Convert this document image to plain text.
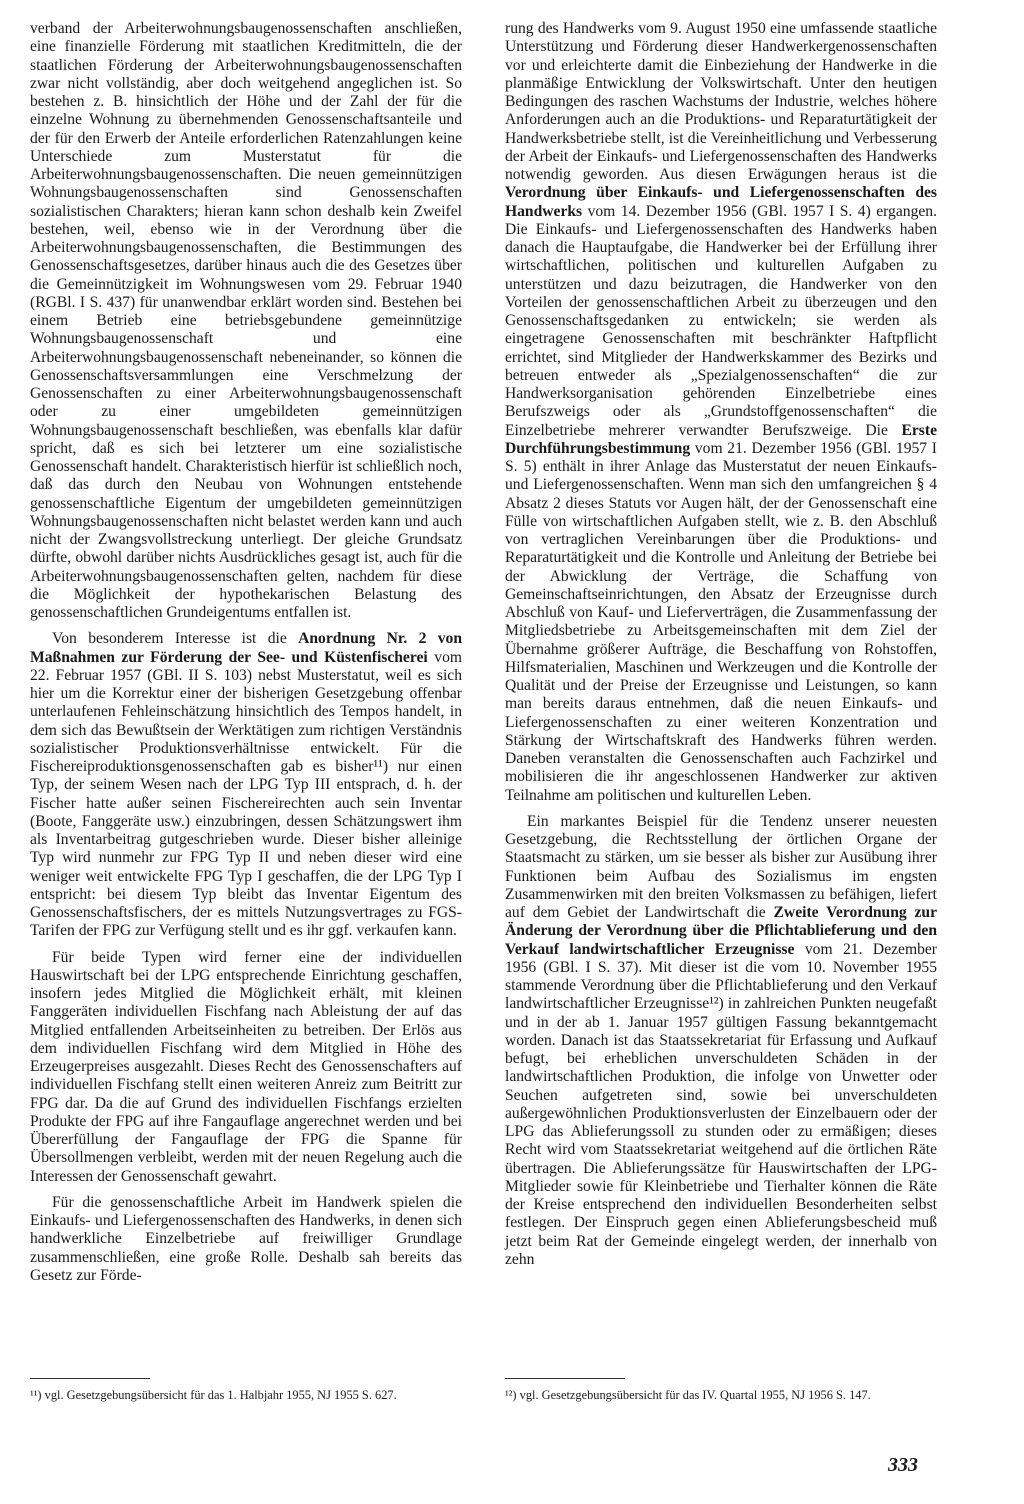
verband der Arbeiterwohnungsbaugenossenschaften anschließen, eine finanzielle Förderung mit staatlichen Kreditmitteln, die der staatlichen Förderung der Arbeiterwohnungsbaugenossenschaften zwar nicht vollständig, aber doch weitgehend angeglichen ist. So bestehen z. B. hinsichtlich der Höhe und der Zahl der für die einzelne Wohnung zu übernehmenden Genossenschaftsanteile und der für den Erwerb der Anteile erforderlichen Ratenzahlungen keine Unterschiede zum Musterstatut für die Arbeiterwohnungsbaugenossenschaften. Die neuen gemeinnützigen Wohnungsbaugenossenschaften sind Genossenschaften sozialistischen Charakters; hieran kann schon deshalb kein Zweifel bestehen, weil, ebenso wie in der Verordnung über die Arbeiterwohnungsbaugenossenschaften, die Bestimmungen des Genossenschaftsgesetzes, darüber hinaus auch die des Gesetzes über die Gemeinnützigkeit im Wohnungswesen vom 29. Februar 1940 (RGBl. I S. 437) für unanwendbar erklärt worden sind. Bestehen bei einem Betrieb eine betriebsgebundene gemeinnützige Wohnungsbaugenossenschaft und eine Arbeiterwohnungsbaugenossenschaft nebeneinander, so können die Genossenschaftsversammlungen eine Verschmelzung der Genossenschaften zu einer Arbeiterwohnungsbaugenossenschaft oder zu einer umgebildeten gemeinnützigen Wohnungsbaugenossenschaft beschließen, was ebenfalls klar dafür spricht, daß es sich bei letzterer um eine sozialistische Genossenschaft handelt. Charakteristisch hierfür ist schließlich noch, daß das durch den Neubau von Wohnungen entstehende genossenschaftliche Eigentum der umgebildeten gemeinnützigen Wohnungsbaugenossenschaften nicht belastet werden kann und auch nicht der Zwangsvollstreckung unterliegt. Der gleiche Grundsatz dürfte, obwohl darüber nichts Ausdrückliches gesagt ist, auch für die Arbeiterwohnungsbaugenossenschaften gelten, nachdem für diese die Möglichkeit der hypothekarischen Belastung des genossenschaftlichen Grundeigentums entfallen ist.

Von besonderem Interesse ist die Anordnung Nr. 2 von Maßnahmen zur Förderung der See- und Küstenfischerei vom 22. Februar 1957 (GBl. II S. 103) nebst Musterstatut, weil es sich hier um die Korrektur einer der bisherigen Gesetzgebung offenbar unterlaufenen Fehleinschätzung hinsichtlich des Tempos handelt, in dem sich das Bewußtsein der Werktätigen zum richtigen Verständnis sozialistischer Produktionsverhältnisse entwickelt. Für die Fischereiproduktionsgenossenschaften gab es bisher¹¹) nur einen Typ, der seinem Wesen nach der LPG Typ III entsprach, d. h. der Fischer hatte außer seinen Fischereirechten auch sein Inventar (Boote, Fanggeräte usw.) einzubringen, dessen Schätzungswert ihm als Inventarbeitrag gutgeschrieben wurde. Dieser bisher alleinige Typ wird nunmehr zur FPG Typ II und neben dieser wird eine weniger weit entwickelte FPG Typ I geschaffen, die der LPG Typ I entspricht: bei diesem Typ bleibt das Inventar Eigentum des Genossenschaftsfischers, der es mittels Nutzungsvertrages zu FGS-Tarifen der FPG zur Verfügung stellt und es ihr ggf. verkaufen kann.

Für beide Typen wird ferner eine der individuellen Hauswirtschaft bei der LPG entsprechende Einrichtung geschaffen, insofern jedes Mitglied die Möglichkeit erhält, mit kleinen Fanggeräten individuellen Fischfang nach Ableistung der auf das Mitglied entfallenden Arbeitseinheiten zu betreiben. Der Erlös aus dem individuellen Fischfang wird dem Mitglied in Höhe des Erzeugerpreises ausgezahlt. Dieses Recht des Genossenschafters auf individuellen Fischfang stellt einen weiteren Anreiz zum Beitritt zur FPG dar. Da die auf Grund des individuellen Fischfangs erzielten Produkte der FPG auf ihre Fangauflage angerechnet werden und bei Übererfüllung der Fangauflage der FPG die Spanne für Übersollmengen verbleibt, werden mit der neuen Regelung auch die Interessen der Genossenschaft gewahrt.

Für die genossenschaftliche Arbeit im Handwerk spielen die Einkaufs- und Liefergenossenschaften des Handwerks, in denen sich handwerkliche Einzelbetriebe auf freiwilliger Grundlage zusammenschließen, eine große Rolle. Deshalb sah bereits das Gesetz zur Förde-

rung des Handwerks vom 9. August 1950 eine umfassende staatliche Unterstützung und Förderung dieser Handwerkergenossenschaften vor und erleichterte damit die Einbeziehung der Handwerke in die planmäßige Entwicklung der Volkswirtschaft. Unter den heutigen Bedingungen des raschen Wachstums der Industrie, welches höhere Anforderungen auch an die Produktions- und Reparaturtätigkeit der Handwerksbetriebe stellt, ist die Vereinheitlichung und Verbesserung der Arbeit der Einkaufs- und Liefergenossenschaften des Handwerks notwendig geworden. Aus diesen Erwägungen heraus ist die Verordnung über Einkaufs- und Liefergenossenschaften des Handwerks vom 14. Dezember 1956 (GBl. 1957 I S. 4) ergangen. Die Einkaufs- und Liefergenossenschaften des Handwerks haben danach die Hauptaufgabe, die Handwerker bei der Erfüllung ihrer wirtschaftlichen, politischen und kulturellen Aufgaben zu unterstützen und dazu beizutragen, die Handwerker von den Vorteilen der genossenschaftlichen Arbeit zu überzeugen und den Genossenschaftsgedanken zu entwickeln; sie werden als eingetragene Genossenschaften mit beschränkter Haftpflicht errichtet, sind Mitglieder der Handwerkskammer des Bezirks und betreuen entweder als „Spezialgenossenschaften“ die zur Handwerksorganisation gehörenden Einzelbetriebe eines Berufszweigs oder als „Grundstoffgenossenschaften“ die Einzelbetriebe mehrerer verwandter Berufszweige. Die Erste Durchführungsbestimmung vom 21. Dezember 1956 (GBl. 1957 I S. 5) enthält in ihrer Anlage das Musterstatut der neuen Einkaufs- und Liefergenossenschaften. Wenn man sich den umfangreichen § 4 Absatz 2 dieses Statuts vor Augen hält, der der Genossenschaft eine Fülle von wirtschaftlichen Aufgaben stellt, wie z. B. den Abschluß von vertraglichen Vereinbarungen über die Produktions- und Reparaturtätigkeit und die Kontrolle und Anleitung der Betriebe bei der Abwicklung der Verträge, die Schaffung von Gemeinschaftseinrichtungen, den Absatz der Erzeugnisse durch Abschluß von Kauf- und Lieferverträgen, die Zusammenfassung der Mitgliedsbetriebe zu Arbeitsgemeinschaften mit dem Ziel der Übernahme größerer Aufträge, die Beschaffung von Rohstoffen, Hilfsmaterialien, Maschinen und Werkzeugen und die Kontrolle der Qualität und der Preise der Erzeugnisse und Leistungen, so kann man bereits daraus entnehmen, daß die neuen Einkaufs- und Liefergenossenschaften zu einer weiteren Konzentration und Stärkung der Wirtschaftskraft des Handwerks führen werden. Daneben veranstalten die Genossenschaften auch Fachzirkel und mobilisieren die ihr angeschlossenen Handwerker zur aktiven Teilnahme am politischen und kulturellen Leben.

Ein markantes Beispiel für die Tendenz unserer neuesten Gesetzgebung, die Rechtsstellung der örtlichen Organe der Staatsmacht zu stärken, um sie besser als bisher zur Ausübung ihrer Funktionen beim Aufbau des Sozialismus im engsten Zusammenwirken mit den breiten Volksmassen zu befähigen, liefert auf dem Gebiet der Landwirtschaft die Zweite Verordnung zur Änderung der Verordnung über die Pflichtablieferung und den Verkauf landwirtschaftlicher Erzeugnisse vom 21. Dezember 1956 (GBl. I S. 37). Mit dieser ist die vom 10. November 1955 stammende Verordnung über die Pflichtablieferung und den Verkauf landwirtschaftlicher Erzeugnisse¹²) in zahlreichen Punkten neugefaßt und in der ab 1. Januar 1957 gültigen Fassung bekanntgemacht worden. Danach ist das Staatssekretariat für Erfassung und Aufkauf befugt, bei erheblichen unverschuldeten Schäden in der landwirtschaftlichen Produktion, die infolge von Unwetter oder Seuchen aufgetreten sind, sowie bei unverschuldeten außergewöhnlichen Produktionsverlusten der Einzelbauern oder der LPG das Ablieferungssoll zu stunden oder zu ermäßigen; dieses Recht wird vom Staatssekretariat weitgehend auf die örtlichen Räte übertragen. Die Ablieferungssätze für Hauswirtschaften der LPG-Mitglieder sowie für Kleinbetriebe und Tierhalter können die Räte der Kreise entsprechend den individuellen Besonderheiten selbst festlegen. Der Einspruch gegen einen Ablieferungsbescheid muß jetzt beim Rat der Gemeinde eingelegt werden, der innerhalb von zehn

¹¹) vgl. Gesetzgebungsübersicht für das 1. Halbjahr 1955, NJ 1955 S. 627.	¹²) vgl. Gesetzgebungsübersicht für das IV. Quartal 1955, NJ 1956 S. 147.
333
